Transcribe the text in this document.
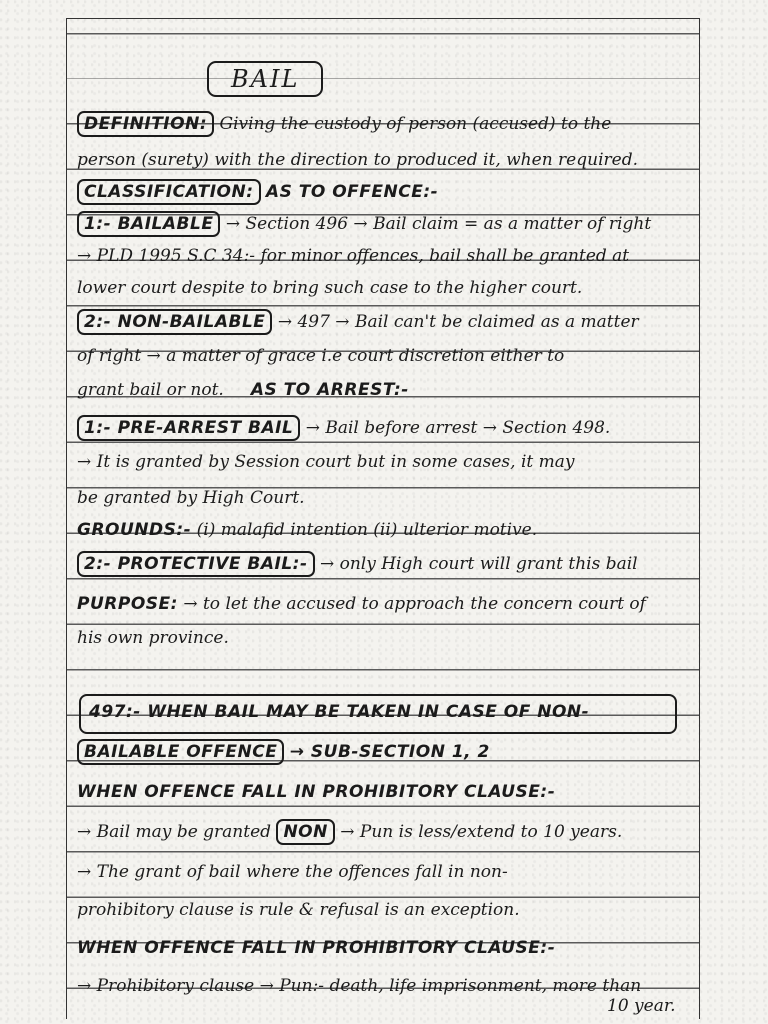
BAIL
DEFINITION: Giving the custody of person (accused) to the
person (surety) with the direction to produced it, when required.
CLASSIFICATION: AS TO OFFENCE:-
1:- BAILABLE → Section 496 → Bail claim = as a matter of right
→ PLD 1995 S.C 34:- for minor offences, bail shall be granted at
lower court despite to bring such case to the higher court.
2:- NON-BAILABLE → 497 → Bail can't be claimed as a matter
of right → a matter of grace i.e court discretion either to
grant bail or not. AS TO ARREST:-
1:- PRE-ARREST BAIL → Bail before arrest → Section 498.
→ It is granted by Session court but in some cases, it may
be granted by High Court.
GROUNDS:- (i) malafid intention (ii) ulterior motive.
2:- PROTECTIVE BAIL:- → only High court will grant this bail
PURPOSE: → to let the accused to approach the concern court of
his own province.
497:- WHEN BAIL MAY BE TAKEN IN CASE OF NON-
BAILABLE OFFENCE → SUB-SECTION 1, 2
WHEN OFFENCE FALL IN PROHIBITORY CLAUSE:-
→ Bail may be granted NON → Pun is less/extend to 10 years.
→ The grant of bail where the offences fall in non-
prohibitory clause is rule & refusal is an exception.
WHEN OFFENCE FALL IN PROHIBITORY CLAUSE:-
→ Prohibitory clause → Pun:- death, life imprisonment, more than
10 year.
